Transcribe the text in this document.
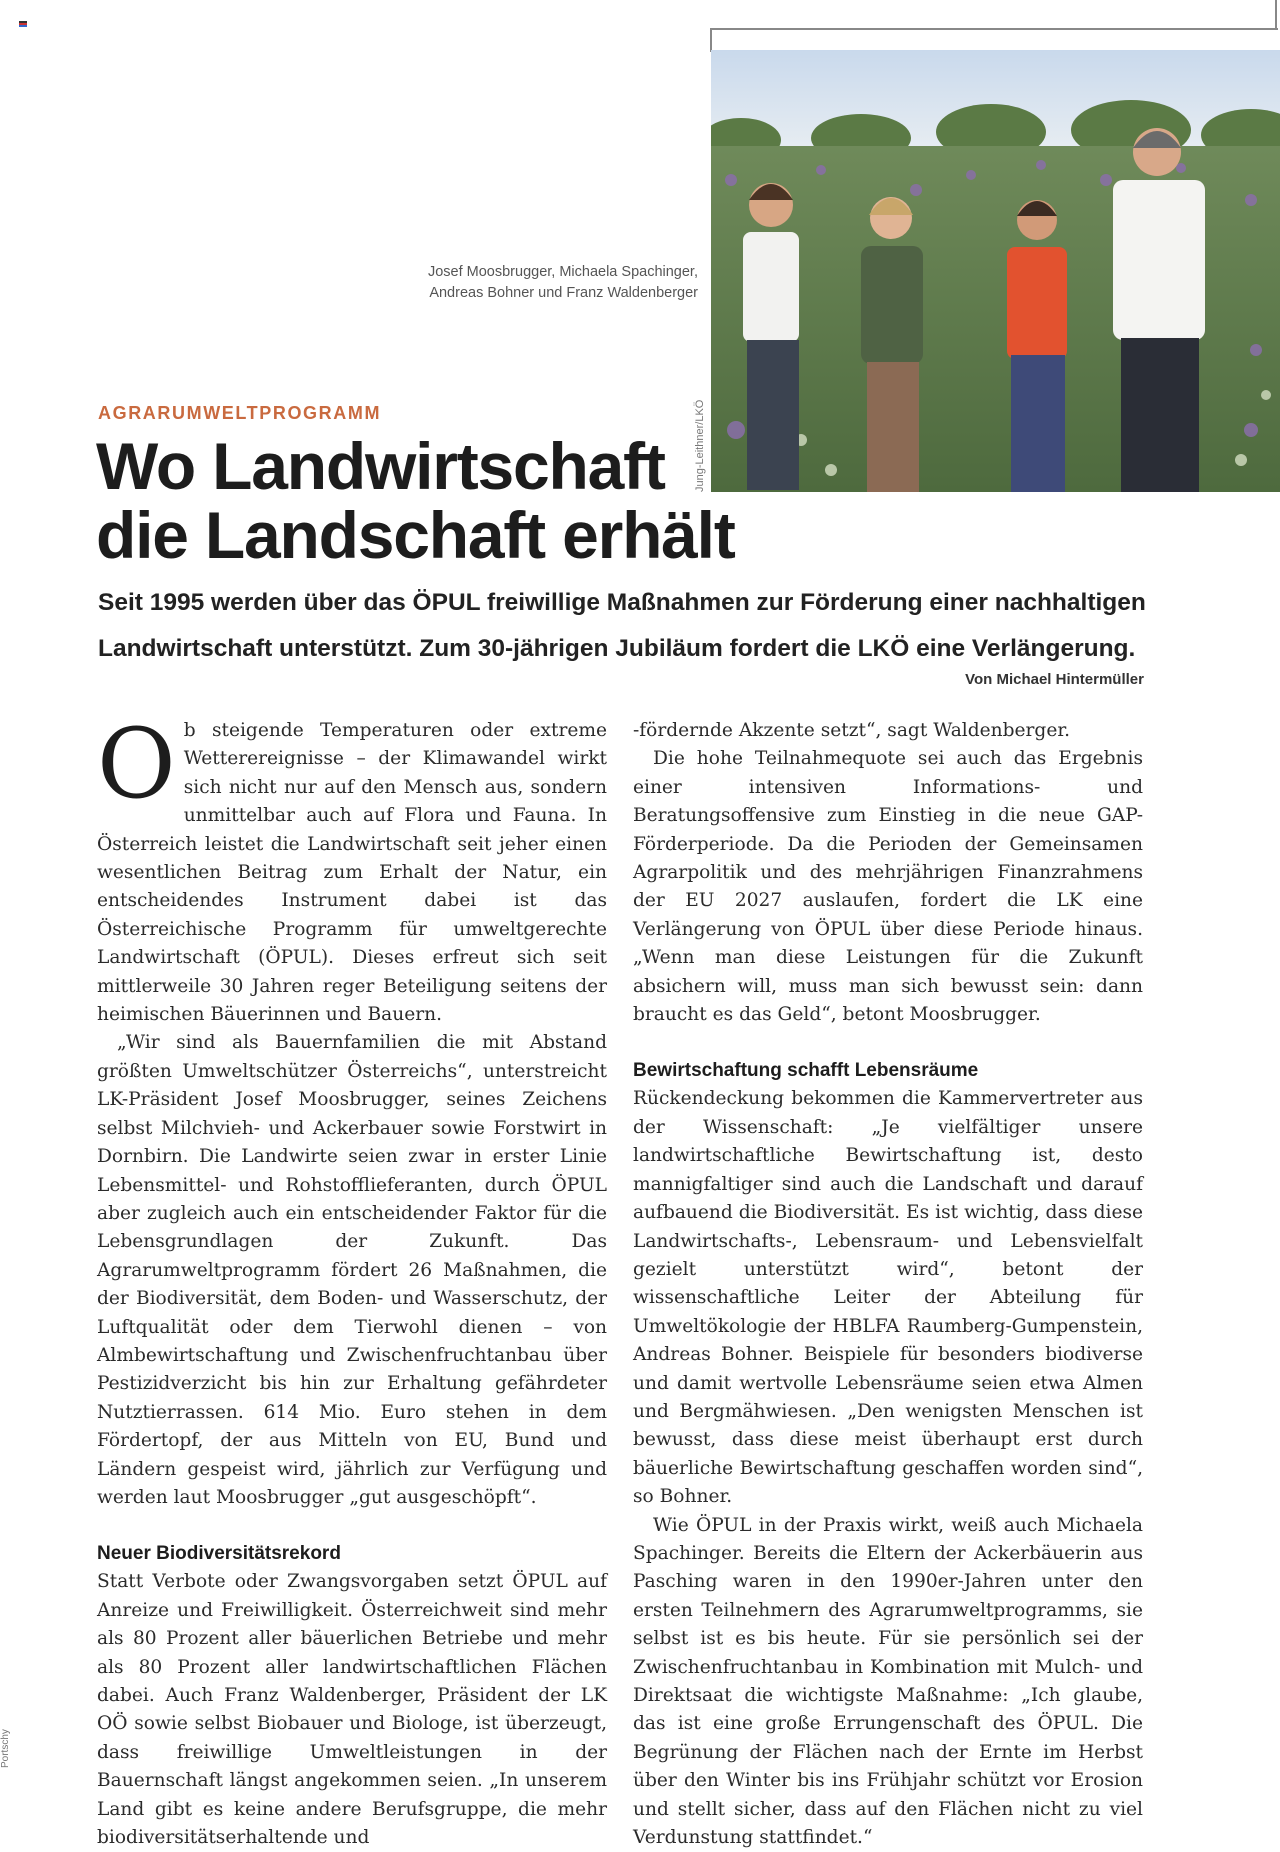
Josef Moosbrugger, Michaela Spachinger,
Andreas Bohner und Franz Waldenberger
Jung-Leithner/LKÖ
AGRARUMWELTPROGRAMM
Wo Landwirtschaft
die Landschaft erhält

Seit 1995 werden über das ÖPUL freiwillige Maßnahmen zur Förderung einer nachhaltigen Landwirtschaft unterstützt. Zum 30-jährigen Jubiläum fordert die LKÖ eine Verlängerung.

Von Michael Hintermüller

Ob steigende Temperaturen oder extreme Wetterereignisse – der Klimawandel wirkt sich nicht nur auf den Mensch aus, sondern unmittelbar auch auf Flora und Fauna. In Österreich leistet die Landwirtschaft seit jeher einen wesentlichen Beitrag zum Erhalt der Natur, ein entscheidendes Instrument dabei ist das Österreichische Programm für umweltgerechte Landwirtschaft (ÖPUL). Dieses erfreut sich seit mittlerweile 30 Jahren reger Beteiligung seitens der heimischen Bäuerinnen und Bauern.

„Wir sind als Bauernfamilien die mit Abstand größten Umweltschützer Österreichs“, unterstreicht LK-Präsident Josef Moosbrugger, seines Zeichens selbst Milchvieh- und Ackerbauer sowie Forstwirt in Dornbirn. Die Landwirte seien zwar in erster Linie Lebensmittel- und Rohstofflieferanten, durch ÖPUL aber zugleich auch ein entscheidender Faktor für die Lebensgrundlagen der Zukunft. Das Agrarumweltprogramm fördert 26 Maßnahmen, die der Biodiversität, dem Boden- und Wasserschutz, der Luftqualität oder dem Tierwohl dienen – von Almbewirtschaftung und Zwischenfruchtanbau über Pestizidverzicht bis hin zur Erhaltung gefährdeter Nutztierrassen. 614 Mio. Euro stehen in dem Fördertopf, der aus Mitteln von EU, Bund und Ländern gespeist wird, jährlich zur Verfügung und werden laut Moosbrugger „gut ausgeschöpft“.

Neuer Biodiversitätsrekord

Statt Verbote oder Zwangsvorgaben setzt ÖPUL auf Anreize und Freiwilligkeit. Österreichweit sind mehr als 80 Prozent aller bäuerlichen Betriebe und mehr als 80 Prozent aller landwirtschaftlichen Flächen dabei. Auch Franz Waldenberger, Präsident der LK OÖ sowie selbst Biobauer und Biologe, ist überzeugt, dass freiwillige Umweltleistungen in der Bauernschaft längst angekommen seien. „In unserem Land gibt es keine andere Berufsgruppe, die mehr biodiversitätserhaltende und

-fördernde Akzente setzt“, sagt Waldenberger.

Die hohe Teilnahmequote sei auch das Ergebnis einer intensiven Informations- und Beratungsoffensive zum Einstieg in die neue GAP-Förderperiode. Da die Perioden der Gemeinsamen Agrarpolitik und des mehrjährigen Finanzrahmens der EU 2027 auslaufen, fordert die LK eine Verlängerung von ÖPUL über diese Periode hinaus. „Wenn man diese Leistungen für die Zukunft absichern will, muss man sich bewusst sein: dann braucht es das Geld“, betont Moosbrugger.

Bewirtschaftung schafft Lebensräume

Rückendeckung bekommen die Kammervertreter aus der Wissenschaft: „Je vielfältiger unsere landwirtschaftliche Bewirtschaftung ist, desto mannigfaltiger sind auch die Landschaft und darauf aufbauend die Biodiversität. Es ist wichtig, dass diese Landwirtschafts-, Lebensraum- und Lebensvielfalt gezielt unterstützt wird“, betont der wissenschaftliche Leiter der Abteilung für Umweltökologie der HBLFA Raumberg-Gumpenstein, Andreas Bohner. Beispiele für besonders biodiverse und damit wertvolle Lebensräume seien etwa Almen und Bergmähwiesen. „Den wenigsten Menschen ist bewusst, dass diese meist überhaupt erst durch bäuerliche Bewirtschaftung geschaffen worden sind“, so Bohner.

Wie ÖPUL in der Praxis wirkt, weiß auch Michaela Spachinger. Bereits die Eltern der Ackerbäuerin aus Pasching waren in den 1990er-Jahren unter den ersten Teilnehmern des Agrarumweltprogramms, sie selbst ist es bis heute. Für sie persönlich sei der Zwischenfruchtanbau in Kombination mit Mulch- und Direktsaat die wichtigste Maßnahme: „Ich glaube, das ist eine große Errungenschaft des ÖPUL. Die Begrünung der Flächen nach der Ernte im Herbst über den Winter bis ins Frühjahr schützt vor Erosion und stellt sicher, dass auf den Flächen nicht zu viel Verdunstung stattfindet.“

Portschy
